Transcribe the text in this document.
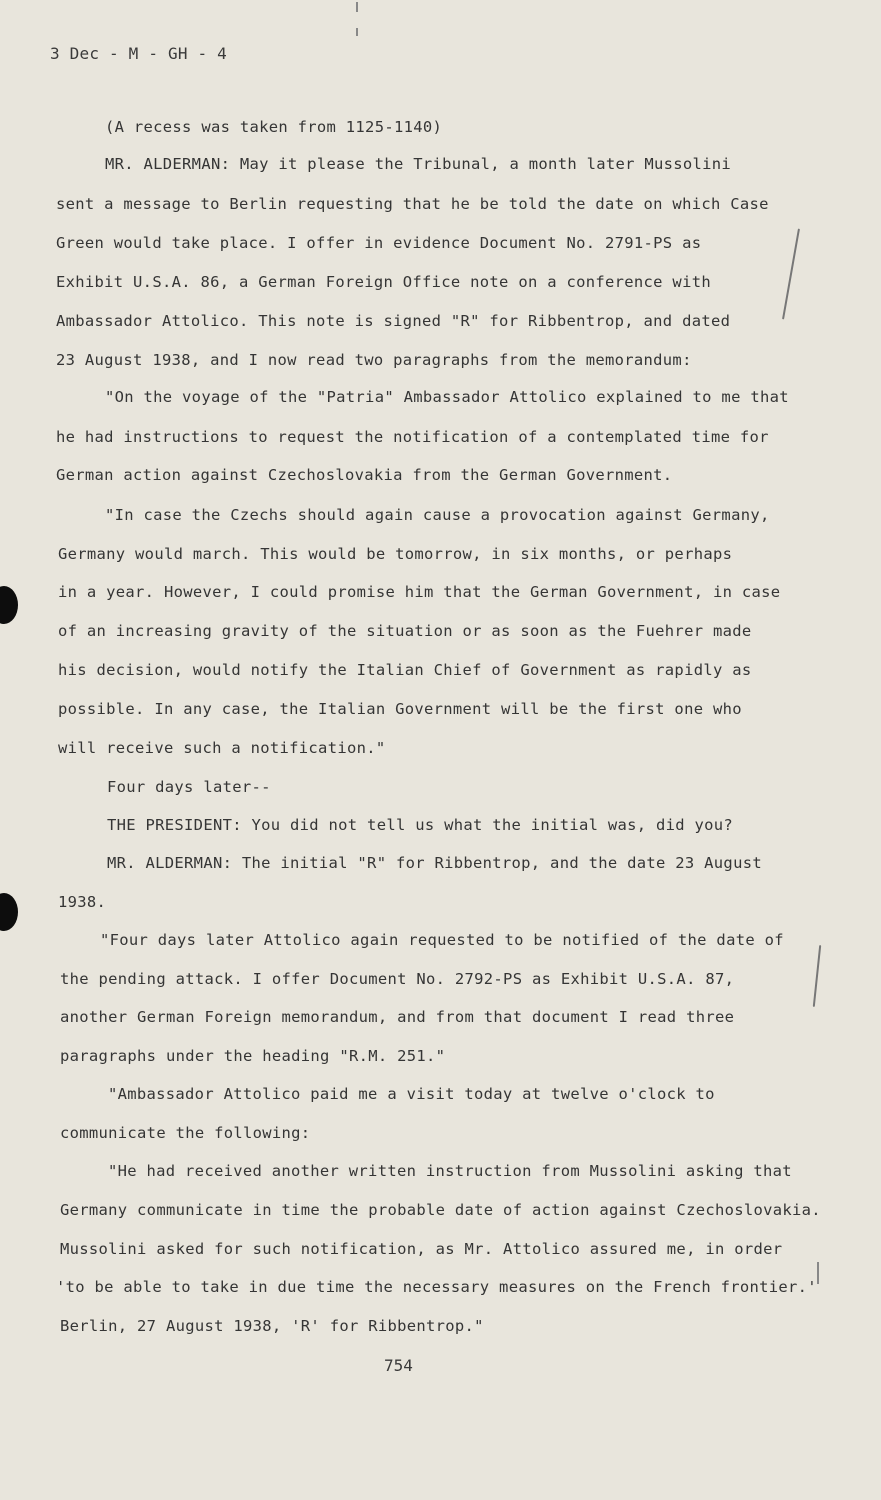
3 Dec - M - GH - 4
(A recess was taken from 1125-1140)
MR. ALDERMAN: May it please the Tribunal, a month later Mussolini
sent a message to Berlin requesting that he be told the date on which Case
Green would take place. I offer in evidence Document No. 2791-PS as
Exhibit U.S.A. 86, a German Foreign Office note on a conference with
Ambassador Attolico. This note is signed "R" for Ribbentrop, and dated
23 August 1938, and I now read two paragraphs from the memorandum:
"On the voyage of the "Patria" Ambassador Attolico explained to me that
he had instructions to request the notification of a contemplated time for
German action against Czechoslovakia from the German Government.
"In case the Czechs should again cause a provocation against Germany,
Germany would march. This would be tomorrow, in six months, or perhaps
in a year. However, I could promise him that the German Government, in case
of an increasing gravity of the situation or as soon as the Fuehrer made
his decision, would notify the Italian Chief of Government as rapidly as
possible. In any case, the Italian Government will be the first one who
will receive such a notification."
Four days later--
THE PRESIDENT: You did not tell us what the initial was, did you?
MR. ALDERMAN: The initial "R" for Ribbentrop, and the date 23 August
1938.
"Four days later Attolico again requested to be notified of the date of
the pending attack. I offer Document No. 2792-PS as Exhibit U.S.A. 87,
another German Foreign memorandum, and from that document I read three
paragraphs under the heading "R.M. 251."
"Ambassador Attolico paid me a visit today at twelve o'clock to
communicate the following:
"He had received another written instruction from Mussolini asking that
Germany communicate in time the probable date of action against Czechoslovakia.
Mussolini asked for such notification, as Mr. Attolico assured me, in order
'to be able to take in due time the necessary measures on the French frontier.'
Berlin, 27 August 1938, 'R' for Ribbentrop."
754
